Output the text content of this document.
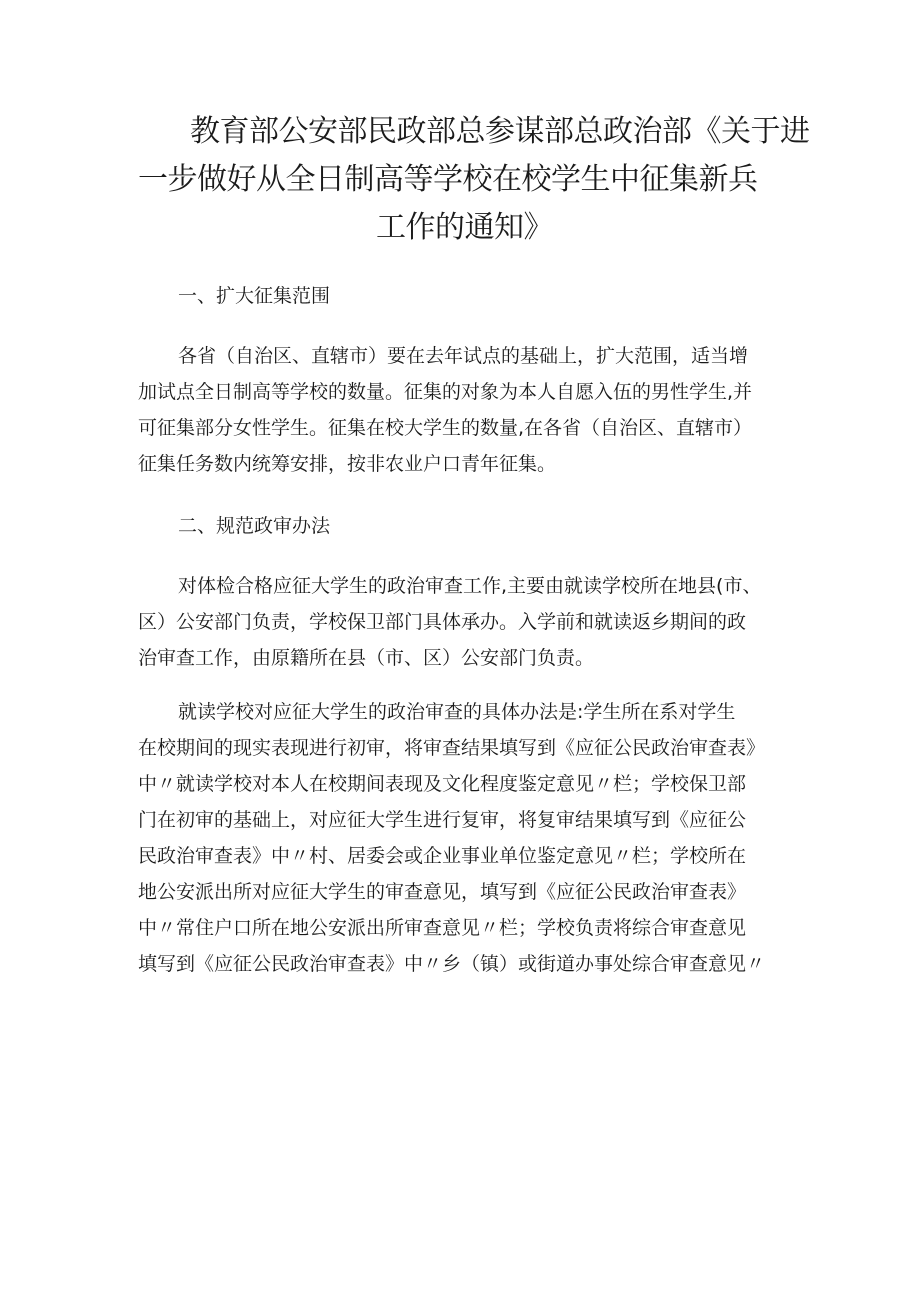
教育部公安部民政部总参谋部总政治部《关于进
一步做好从全日制高等学校在校学生中征集新兵
工作的通知》

一、扩大征集范围

各省（自治区、直辖市）要在去年试点的基础上，扩大范围，适当增
加试点全日制高等学校的数量。征集的对象为本人自愿入伍的男性学生,并
可征集部分女性学生。征集在校大学生的数量,在各省（自治区、直辖市）
征集任务数内统筹安排，按非农业户口青年征集。

二、规范政审办法

对体检合格应征大学生的政治审查工作,主要由就读学校所在地县(市、
区）公安部门负责，学校保卫部门具体承办。入学前和就读返乡期间的政
治审查工作，由原籍所在县（市、区）公安部门负责。
就读学校对应征大学生的政治审查的具体办法是:学生所在系对学生
在校期间的现实表现进行初审，将审查结果填写到《应征公民政治审查表》
中〃就读学校对本人在校期间表现及文化程度鉴定意见〃栏；学校保卫部
门在初审的基础上，对应征大学生进行复审，将复审结果填写到《应征公
民政治审查表》中〃村、居委会或企业事业单位鉴定意见〃栏；学校所在
地公安派出所对应征大学生的审查意见，填写到《应征公民政治审查表》
中〃常住户口所在地公安派出所审查意见〃栏；学校负责将综合审查意见
填写到《应征公民政治审查表》中〃乡（镇）或街道办事处综合审查意见〃
